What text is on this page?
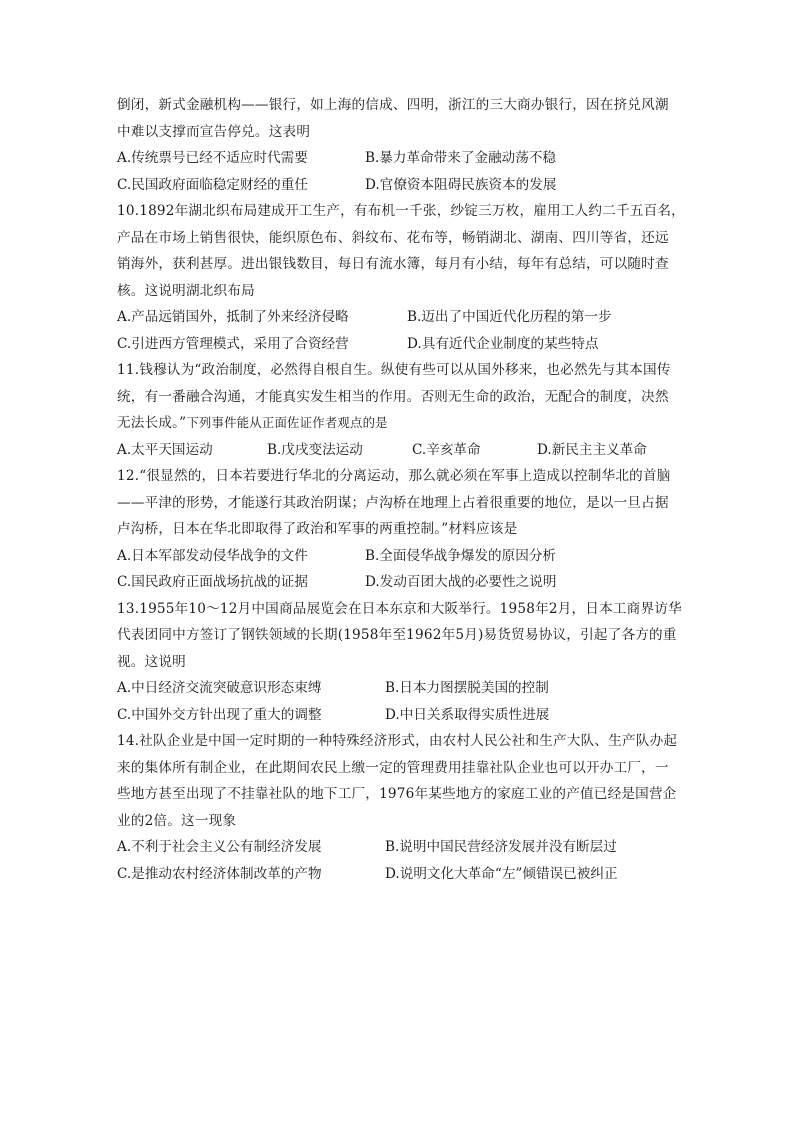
倒闭，新式金融机构——银行，如上海的信成、四明，浙江的三大商办银行，因在挤兑风潮
中难以支撑而宣告停兑。这表明
A.传统票号已经不适应时代需要	B.暴力革命带来了金融动荡不稳
C.民国政府面临稳定财经的重任	D.官僚资本阻碍民族资本的发展
10.1892年湖北织布局建成开工生产，有布机一千张，纱锭三万枚，雇用工人约二千五百名，
产品在市场上销售很快，能织原色布、斜纹布、花布等，畅销湖北、湖南、四川等省，还远
销海外，获利甚厚。进出银钱数目，每日有流水簿，每月有小结，每年有总结，可以随时查
核。这说明湖北织布局
A.产品远销国外，抵制了外来经济侵略	B.迈出了中国近代化历程的第一步
C.引进西方管理模式，采用了合资经营	D.具有近代企业制度的某些特点
11.钱穆认为“政治制度，必然得自根自生。纵使有些可以从国外移来，也必然先与其本国传
统，有一番融合沟通，才能真实发生相当的作用。否则无生命的政治，无配合的制度，决然
无法长成。”下列事件能从正面佐证作者观点的是
A.太平天国运动	B.戊戌变法运动	C.辛亥革命	D.新民主主义革命
12.“很显然的，日本若要进行华北的分离运动，那么就必须在军事上造成以控制华北的首脑
——平津的形势，才能遂行其政治阴谋；卢沟桥在地理上占着很重要的地位，是以一旦占据
卢沟桥，日本在华北即取得了政治和军事的两重控制。”材料应该是
A.日本军部发动侵华战争的文件	B.全面侵华战争爆发的原因分析
C.国民政府正面战场抗战的证据	D.发动百团大战的必要性之说明
13.1955年10～12月中国商品展览会在日本东京和大阪举行。1958年2月，日本工商界访华
代表团同中方签订了钢铁领域的长期(1958年至1962年5月)易货贸易协议，引起了各方的重
视。这说明
A.中日经济交流突破意识形态束缚	B.日本力图摆脱美国的控制
C.中国外交方针出现了重大的调整	D.中日关系取得实质性进展
14.社队企业是中国一定时期的一种特殊经济形式，由农村人民公社和生产大队、生产队办起
来的集体所有制企业，在此期间农民上缴一定的管理费用挂靠社队企业也可以开办工厂，一
些地方甚至出现了不挂靠社队的地下工厂，1976年某些地方的家庭工业的产值已经是国营企
业的2倍。这一现象
A.不利于社会主义公有制经济发展	B.说明中国民营经济发展并没有断层过
C.是推动农村经济体制改革的产物	D.说明文化大革命“左”倾错误已被纠正
